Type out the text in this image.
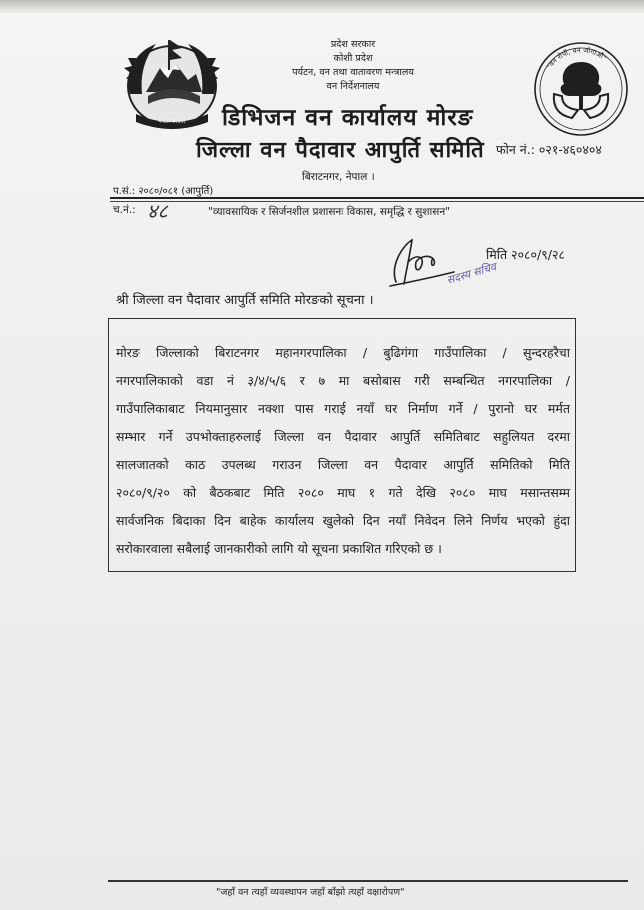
नेपाल सरकार
"वन रोपौं, वन जोगाऔं"
प्रदेश सरकार
कोशी प्रदेश
पर्यटन, वन तथा वातावरण मन्त्रालय
वन निर्देशनालय
डिभिजन वन कार्यालय मोरङ
जिल्ला वन पैदावार आपुर्ति समिति फोन नं.: ०२१-४६०४०४
बिराटनगर, नेपाल ।
प.सं.: २०८०/०८१ (आपुर्ति)
च.नं.: ४८	"व्यावसायिक र सिर्जनशील प्रशासनः विकास, समृद्धि र सुशासन"
मिति २०८०/९/२८
सदस्य सचिव
श्री जिल्ला वन पैदावार आपुर्ति समिति मोरङको सूचना ।
मोरङ जिल्लाको बिराटनगर महानगरपालिका / बुढिगंगा गाउँपालिका / सुन्दरहरैचा
नगरपालिकाको वडा नं ३/४/५/६ र ७ मा बसोबास गरी सम्बन्धित नगरपालिका /
गाउँपालिकाबाट नियमानुसार नक्शा पास गराई नयाँ घर निर्माण गर्ने / पुरानो घर मर्मत
सम्भार गर्ने उपभोक्ताहरुलाई जिल्ला वन पैदावार आपुर्ति समितिबाट सहुलियत दरमा
सालजातको काठ उपलब्ध गराउन जिल्ला वन पैदावार आपुर्ति समितिको मिति
२०८०/९/२० को बैठकबाट मिति २०८० माघ १ गते देखि २०८० माघ मसान्तसम्म
सार्वजनिक बिदाका दिन बाहेक कार्यालय खुलेको दिन नयाँ निवेदन लिने निर्णय भएको हुंदा
सरोकारवाला सबैलाई जानकारीको लागि यो सूचना प्रकाशित गरिएको छ ।
"जहाँ वन त्यहाँ व्यवस्थापन जहाँ बाँझो त्यहाँ वक्षारोपण"
